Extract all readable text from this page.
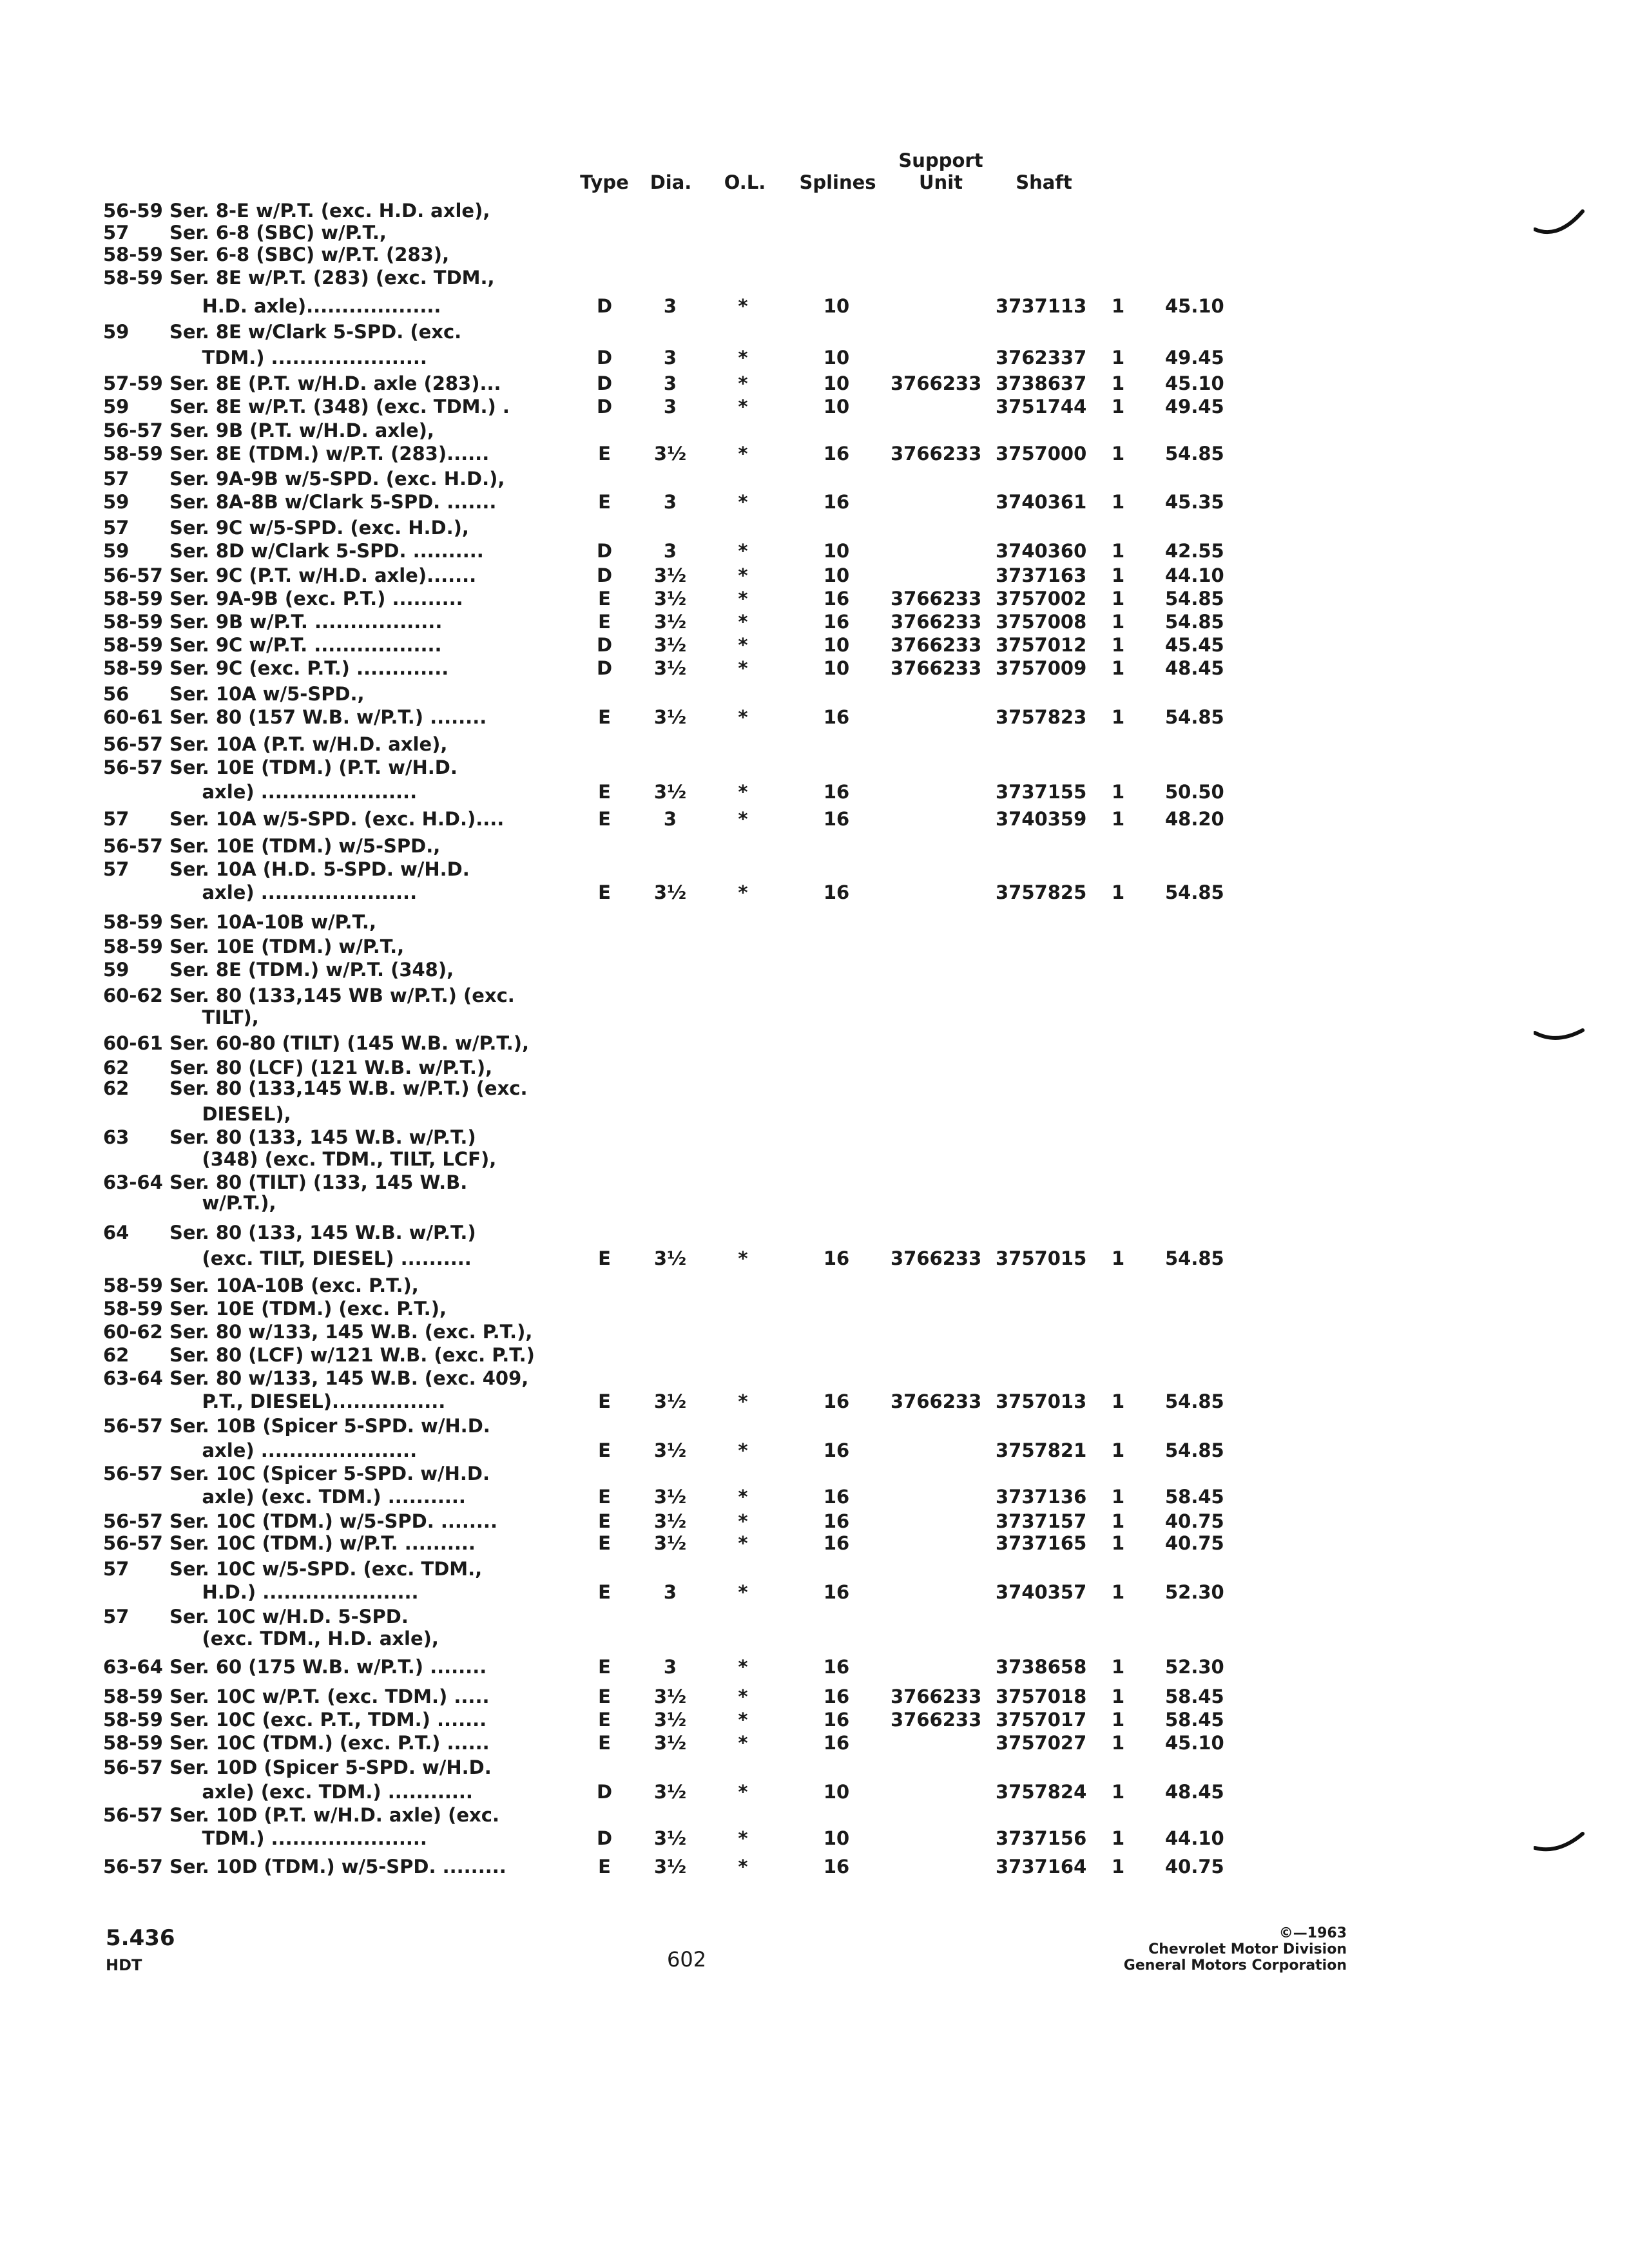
Type Dia. O.L. Splines
Support
Unit	Shaft
56-59 Ser. 8-E w/P.T. (exc. H.D. axle),
57 Ser. 6-8 (SBC) w/P.T.,
58-59 Ser. 6-8 (SBC) w/P.T. (283),
58-59 Ser. 8E w/P.T. (283) (exc. TDM.,
H.D. axle)...................	D	3	*	10	3737113 1 45.10
59 Ser. 8E w/Clark 5-SPD. (exc.
TDM.) ......................	D	3	*	10	3762337 1 49.45
57-59 Ser. 8E (P.T. w/H.D. axle (283)...	D	3	*	10	3766233 3738637 1 45.10
59 Ser. 8E w/P.T. (348) (exc. TDM.) .	D	3	*	10	3751744 1 49.45
56-57 Ser. 9B (P.T. w/H.D. axle),
58-59 Ser. 8E (TDM.) w/P.T. (283)......	E	3½	*	16	3766233 3757000 1 54.85
57 Ser. 9A-9B w/5-SPD. (exc. H.D.),
59 Ser. 8A-8B w/Clark 5-SPD. .......	E	3	*	16	3740361 1 45.35
57 Ser. 9C w/5-SPD. (exc. H.D.),
59 Ser. 8D w/Clark 5-SPD. ..........	D	3	*	10	3740360 1 42.55
56-57 Ser. 9C (P.T. w/H.D. axle).......	D 3½	*	10	3737163 1 44.10
58-59 Ser. 9A-9B (exc. P.T.) ..........	E	3½	*	16	3766233 3757002 1 54.85
58-59 Ser. 9B w/P.T. ..................	E	3½	*	16	3766233 3757008 1 54.85
58-59 Ser. 9C w/P.T. ..................	D 3½	*	10	3766233 3757012 1 45.45
58-59 Ser. 9C (exc. P.T.) .............	D 3½	*	10	3766233 3757009 1 48.45
56 Ser. 10A w/5-SPD.,
60-61 Ser. 80 (157 W.B. w/P.T.) ........	E	3½	*	16	3757823 1 54.85
56-57 Ser. 10A (P.T. w/H.D. axle),
56-57 Ser. 10E (TDM.) (P.T. w/H.D.
axle) ......................	E	3½	*	16	3737155 1 50.50
57 Ser. 10A w/5-SPD. (exc. H.D.)....	E	3	*	16	3740359 1 48.20
56-57 Ser. 10E (TDM.) w/5-SPD.,
57 Ser. 10A (H.D. 5-SPD. w/H.D.
axle) ......................	E	3½	*	16	3757825 1 54.85
58-59 Ser. 10A-10B w/P.T.,
58-59 Ser. 10E (TDM.) w/P.T.,
59 Ser. 8E (TDM.) w/P.T. (348),
60-62 Ser. 80 (133,145 WB w/P.T.) (exc.
TILT),
60-61 Ser. 60-80 (TILT) (145 W.B. w/P.T.),
62 Ser. 80 (LCF) (121 W.B. w/P.T.),
62 Ser. 80 (133,145 W.B. w/P.T.) (exc.
DIESEL),
63 Ser. 80 (133, 145 W.B. w/P.T.)
(348) (exc. TDM., TILT, LCF),
63-64 Ser. 80 (TILT) (133, 145 W.B.
w/P.T.),
64 Ser. 80 (133, 145 W.B. w/P.T.)
(exc. TILT, DIESEL) ..........	E	3½	*	16	3766233 3757015 1 54.85
58-59 Ser. 10A-10B (exc. P.T.),
58-59 Ser. 10E (TDM.) (exc. P.T.),
60-62 Ser. 80 w/133, 145 W.B. (exc. P.T.),
62 Ser. 80 (LCF) w/121 W.B. (exc. P.T.)
63-64 Ser. 80 w/133, 145 W.B. (exc. 409,
P.T., DIESEL)................	E	3½	*	16	3766233 3757013 1 54.85
56-57 Ser. 10B (Spicer 5-SPD. w/H.D.
axle) ......................	E	3½	*	16	3757821 1 54.85
56-57 Ser. 10C (Spicer 5-SPD. w/H.D.
axle) (exc. TDM.) ...........	E	3½	*	16	3737136 1 58.45
56-57 Ser. 10C (TDM.) w/5-SPD. ........	E	3½	*	16	3737157 1 40.75
56-57 Ser. 10C (TDM.) w/P.T. ..........	E	3½	*	16	3737165 1 40.75
57 Ser. 10C w/5-SPD. (exc. TDM.,
H.D.) ......................	E	3	*	16	3740357 1 52.30
57 Ser. 10C w/H.D. 5-SPD.
(exc. TDM., H.D. axle),
63-64 Ser. 60 (175 W.B. w/P.T.) ........	E	3	*	16	3738658 1 52.30
58-59 Ser. 10C w/P.T. (exc. TDM.) .....	E	3½	*	16	3766233 3757018 1 58.45
58-59 Ser. 10C (exc. P.T., TDM.) .......	E	3½	*	16	3766233 3757017 1 58.45
58-59 Ser. 10C (TDM.) (exc. P.T.) ......	E	3½	*	16	3757027 1 45.10
56-57 Ser. 10D (Spicer 5-SPD. w/H.D.
axle) (exc. TDM.) ............	D 3½	*	10	3757824 1 48.45
56-57 Ser. 10D (P.T. w/H.D. axle) (exc.
TDM.) ......................	D 3½	*	10	3737156 1 44.10
56-57 Ser. 10D (TDM.) w/5-SPD. .........	E	3½	*	16	3737164 1 40.75
5.436
HDT	602
©—1963
Chevrolet Motor Division
General Motors Corporation
